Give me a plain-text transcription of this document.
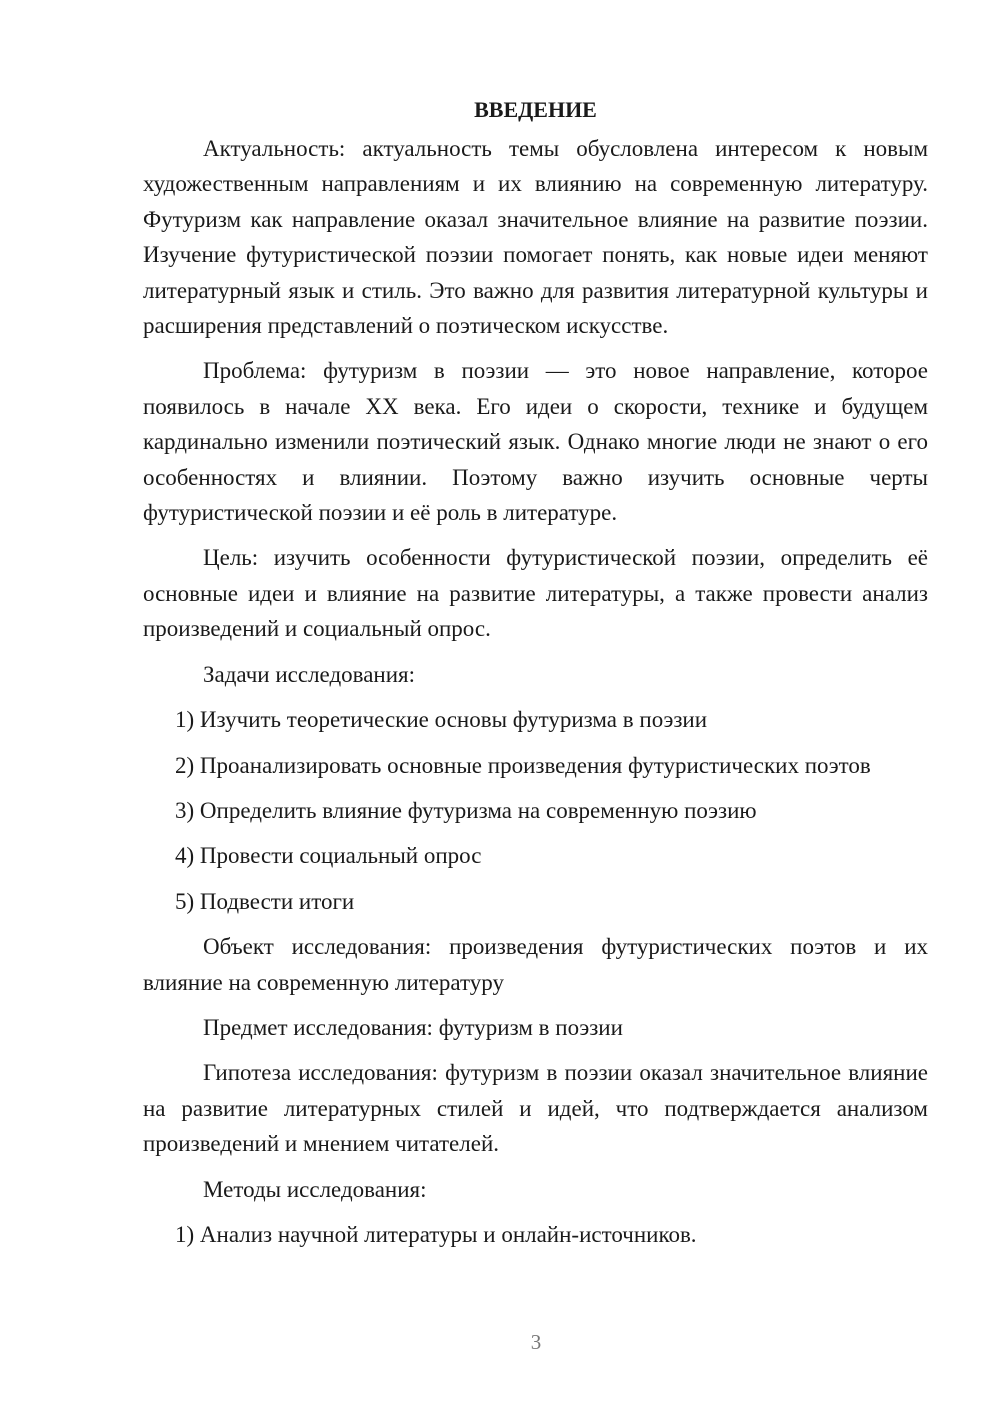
ВВЕДЕНИЕ

Актуальность: актуальность темы обусловлена интересом к новым художественным направлениям и их влиянию на современную литературу. Футуризм как направление оказал значительное влияние на развитие поэзии. Изучение футуристической поэзии помогает понять, как новые идеи меняют литературный язык и стиль. Это важно для развития литературной культуры и расширения представлений о поэтическом искусстве.

Проблема: футуризм в поэзии — это новое направление, которое появилось в начале XX века. Его идеи о скорости, технике и будущем кардинально изменили поэтический язык. Однако многие люди не знают о его особенностях и влиянии. Поэтому важно изучить основные черты футуристической поэзии и её роль в литературе.

Цель: изучить особенности футуристической поэзии, определить её основные идеи и влияние на развитие литературы, а также провести анализ произведений и социальный опрос.

Задачи исследования:
1) Изучить теоретические основы футуризма в поэзии
2) Проанализировать основные произведения футуристических поэтов
3) Определить влияние футуризма на современную поэзию
4) Провести социальный опрос
5) Подвести итоги

Объект исследования: произведения футуристических поэтов и их влияние на современную литературу

Предмет исследования: футуризм в поэзии

Гипотеза исследования: футуризм в поэзии оказал значительное влияние на развитие литературных стилей и идей, что подтверждается анализом произведений и мнением читателей.

Методы исследования:
1) Анализ научной литературы и онлайн-источников.
3
